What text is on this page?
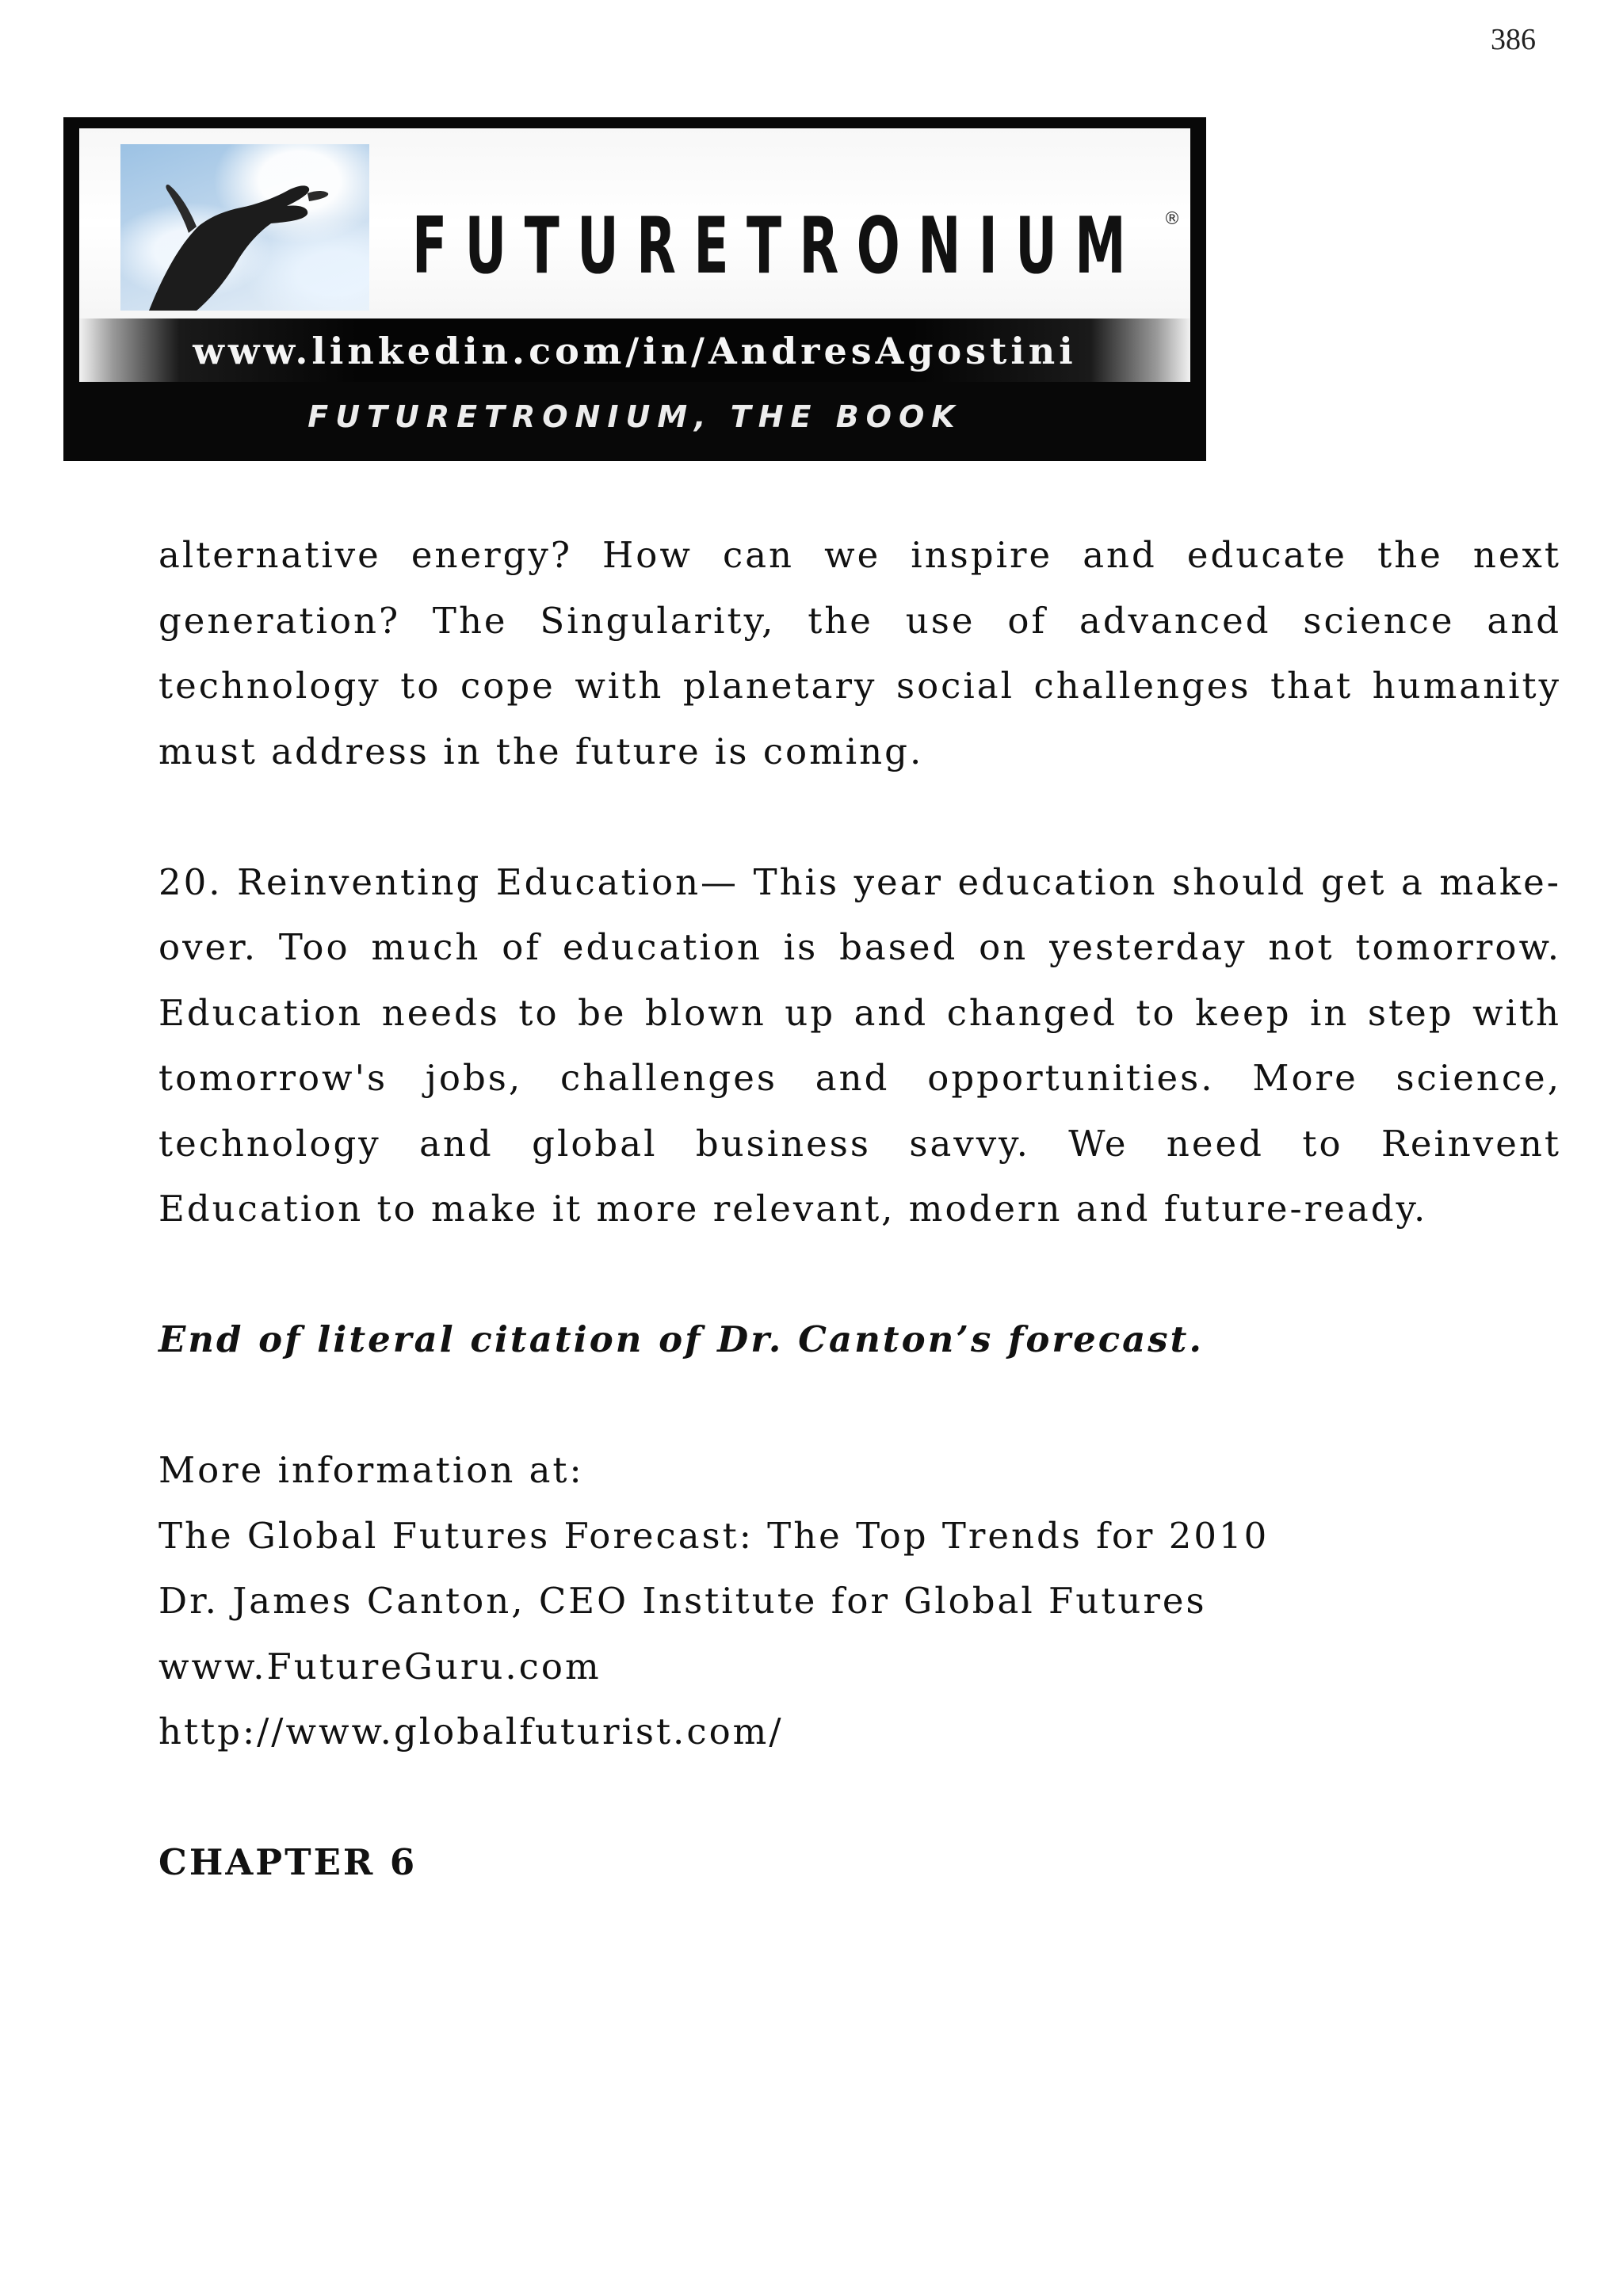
386
FUTURETRONIUM ®
www.linkedin.com/in/AndresAgostini
FUTURETRONIUM, THE BOOK

alternative energy? How can we inspire and educate the next generation? The Singularity, the use of advanced science and technology to cope with planetary social challenges that humanity must address in the future is coming.

20. Reinventing Education— This year education should get a make-over. Too much of education is based on yesterday not tomorrow. Education needs to be blown up and changed to keep in step with tomorrow's jobs, challenges and opportunities. More science, technology and global business savvy. We need to Reinvent Education to make it more relevant, modern and future-ready.

End of literal citation of Dr. Canton’s forecast.

More information at:

The Global Futures Forecast: The Top Trends for 2010

Dr. James Canton, CEO Institute for Global Futures

www.FutureGuru.com

http://www.globalfuturist.com/

CHAPTER 6
